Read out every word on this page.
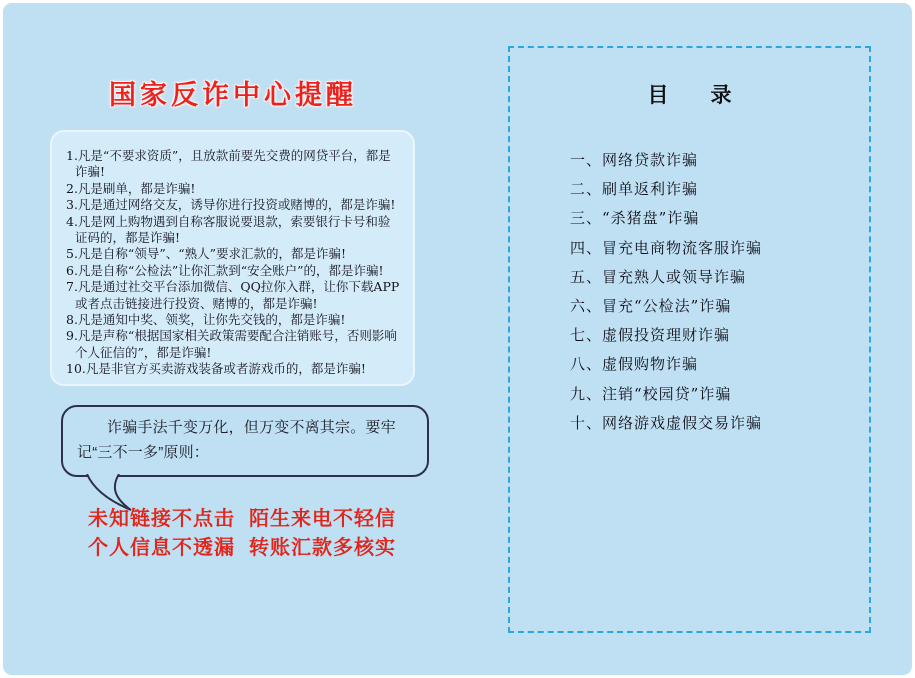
国家反诈中心提醒
1.凡是“不要求资质”，且放款前要先交费的网贷平台，都是诈骗!
2.凡是刷单，都是诈骗!
3.凡是通过网络交友，诱导你进行投资或赌博的，都是诈骗!
4.凡是网上购物遇到自称客服说要退款，索要银行卡号和验证码的，都是诈骗!
5.凡是自称“领导”、“熟人”要求汇款的，都是诈骗!
6.凡是自称“公检法”让你汇款到“安全账户”的，都是诈骗!
7.凡是通过社交平台添加微信、QQ拉你入群，让你下载APP或者点击链接进行投资、赌博的，都是诈骗!
8.凡是通知中奖、领奖，让你先交钱的，都是诈骗!
9.凡是声称“根据国家相关政策需要配合注销账号，否则影响个人征信的”，都是诈骗!
10.凡是非官方买卖游戏装备或者游戏币的，都是诈骗!
诈骗手法千变万化，但万变不离其宗。要牢记“三不一多”原则：
未知链接不点击 陌生来电不轻信
个人信息不透漏 转账汇款多核实
目　　录
一、网络贷款诈骗
二、刷单返利诈骗
三、“杀猪盘”诈骗
四、冒充电商物流客服诈骗
五、冒充熟人或领导诈骗
六、冒充“公检法”诈骗
七、虚假投资理财诈骗
八、虚假购物诈骗
九、注销“校园贷”诈骗
十、网络游戏虚假交易诈骗
